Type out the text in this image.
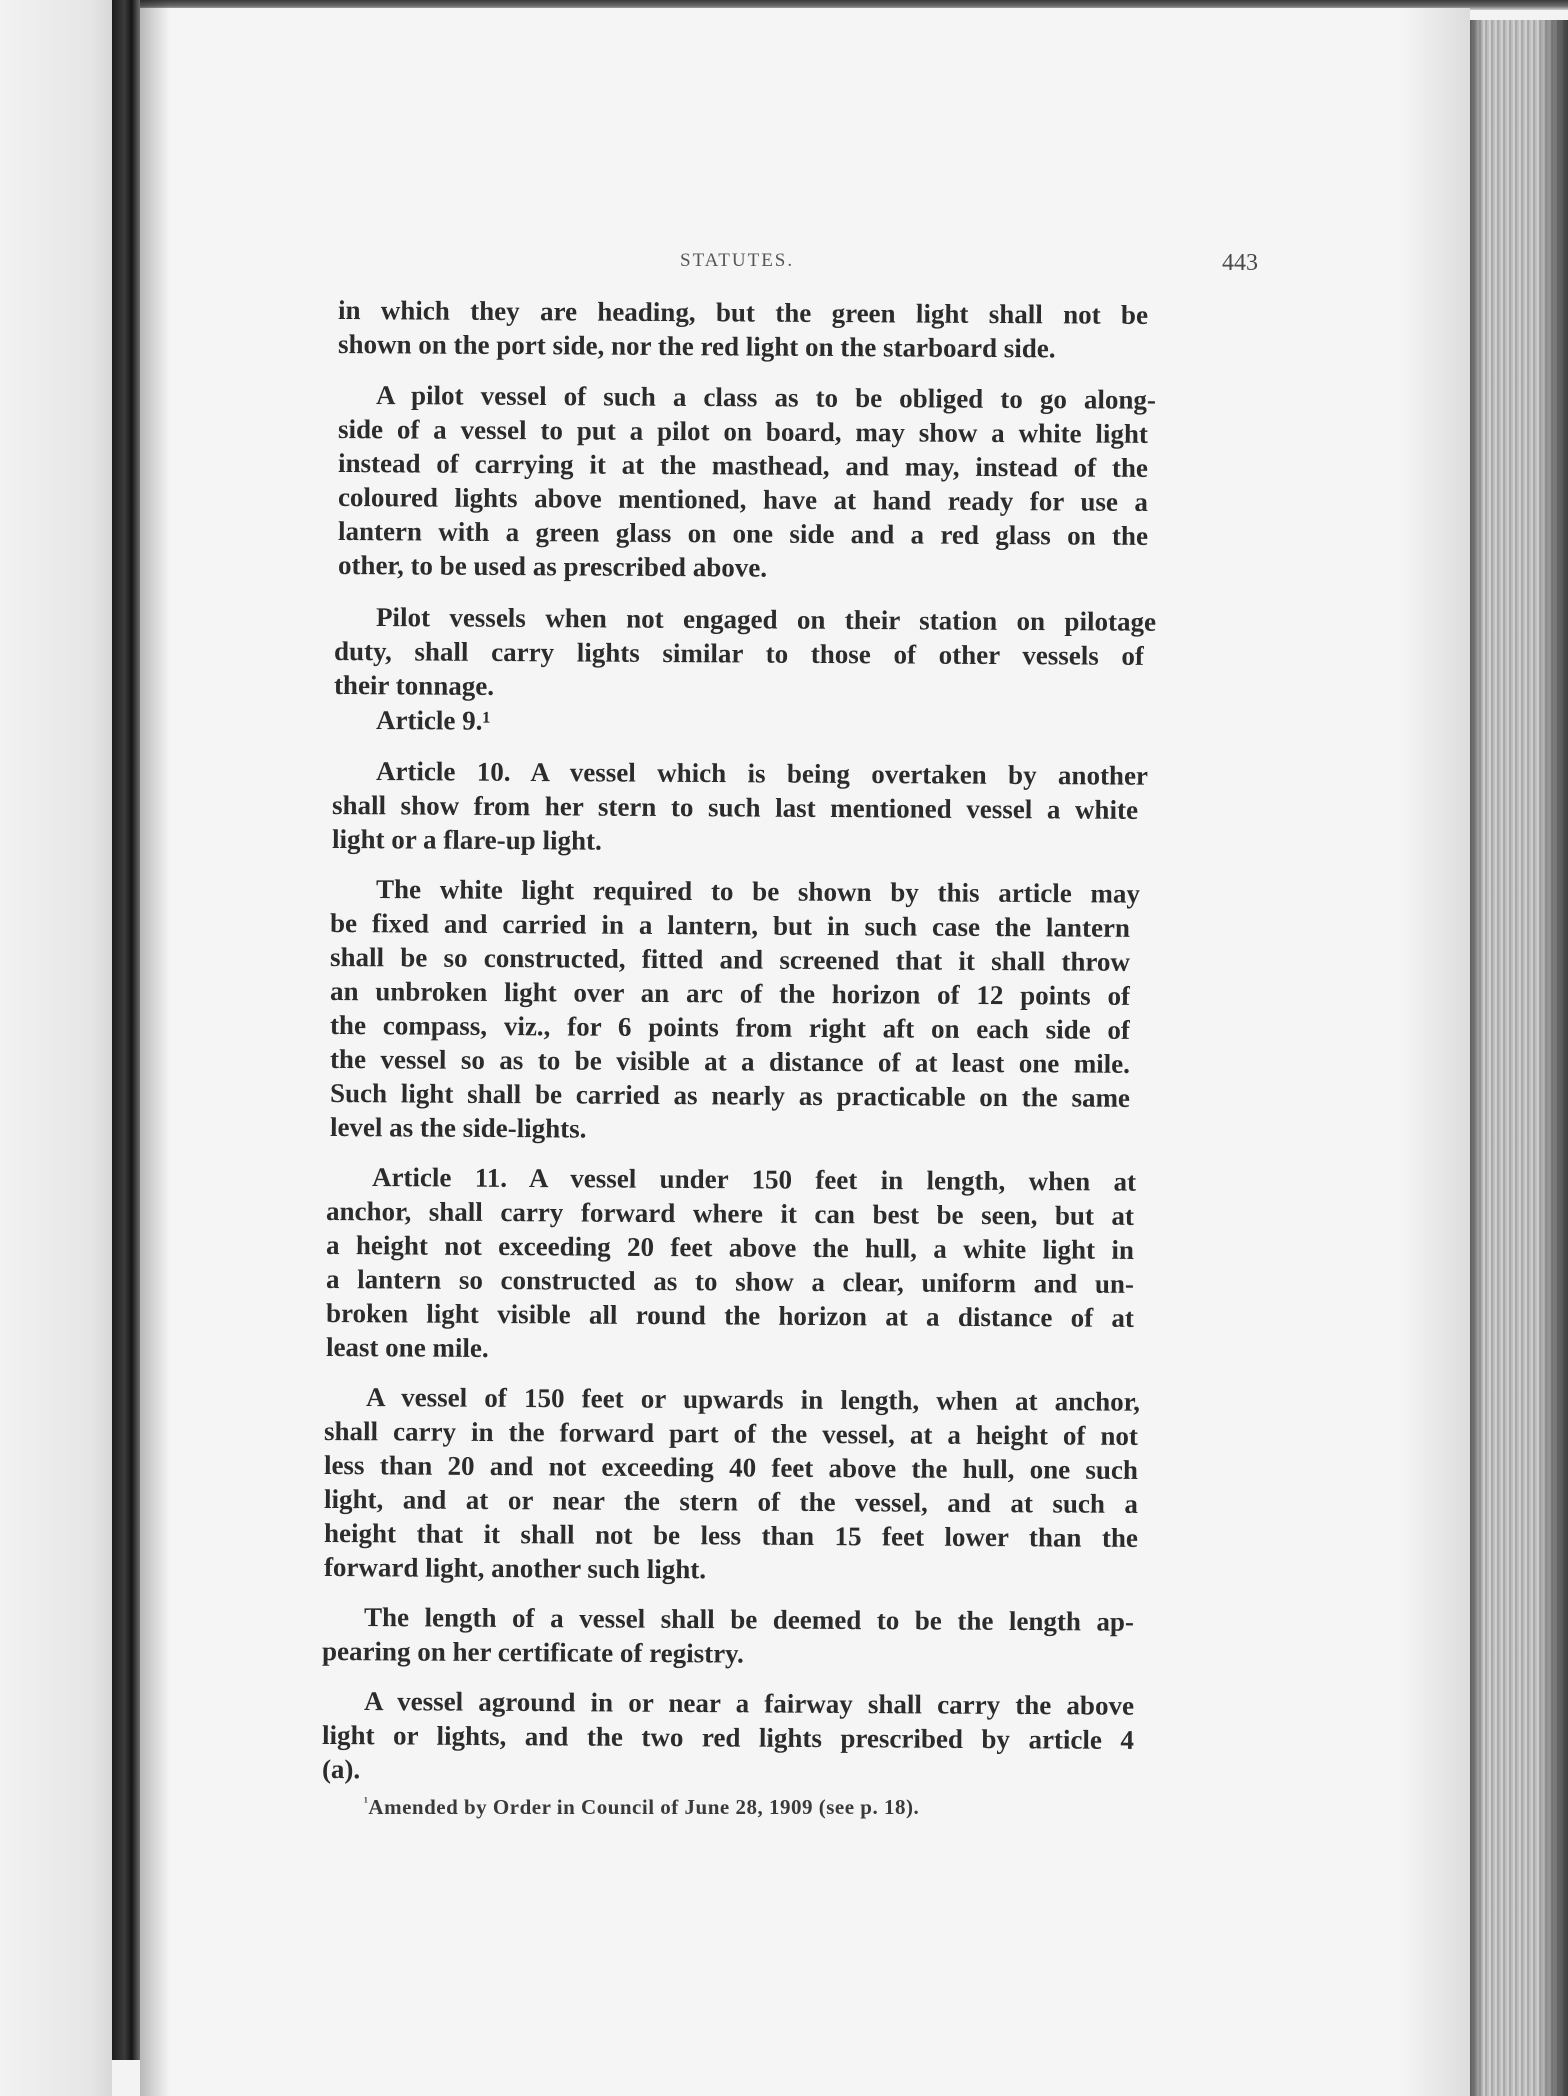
STATUTES.	443
in which they are heading, but the green light shall not be
shown on the port side, nor the red light on the starboard side.
A pilot vessel of such a class as to be obliged to go along-
side of a vessel to put a pilot on board, may show a white light
instead of carrying it at the masthead, and may, instead of the
coloured lights above mentioned, have at hand ready for use a
lantern with a green glass on one side and a red glass on the
other, to be used as prescribed above.
Pilot vessels when not engaged on their station on pilotage
duty, shall carry lights similar to those of other vessels of
their tonnage.
Article 9.¹
Article 10. A vessel which is being overtaken by another
shall show from her stern to such last mentioned vessel a white
light or a flare-up light.
The white light required to be shown by this article may
be fixed and carried in a lantern, but in such case the lantern
shall be so constructed, fitted and screened that it shall throw
an unbroken light over an arc of the horizon of 12 points of
the compass, viz., for 6 points from right aft on each side of
the vessel so as to be visible at a distance of at least one mile.
Such light shall be carried as nearly as practicable on the same
level as the side-lights.
Article 11. A vessel under 150 feet in length, when at
anchor, shall carry forward where it can best be seen, but at
a height not exceeding 20 feet above the hull, a white light in
a lantern so constructed as to show a clear, uniform and un-
broken light visible all round the horizon at a distance of at
least one mile.
A vessel of 150 feet or upwards in length, when at anchor,
shall carry in the forward part of the vessel, at a height of not
less than 20 and not exceeding 40 feet above the hull, one such
light, and at or near the stern of the vessel, and at such a
height that it shall not be less than 15 feet lower than the
forward light, another such light.
The length of a vessel shall be deemed to be the length ap-
pearing on her certificate of registry.
A vessel aground in or near a fairway shall carry the above
light or lights, and the two red lights prescribed by article 4
(a).
$^{^1}$Amended by Order in Council of June 28, 1909 (see p. 18).
